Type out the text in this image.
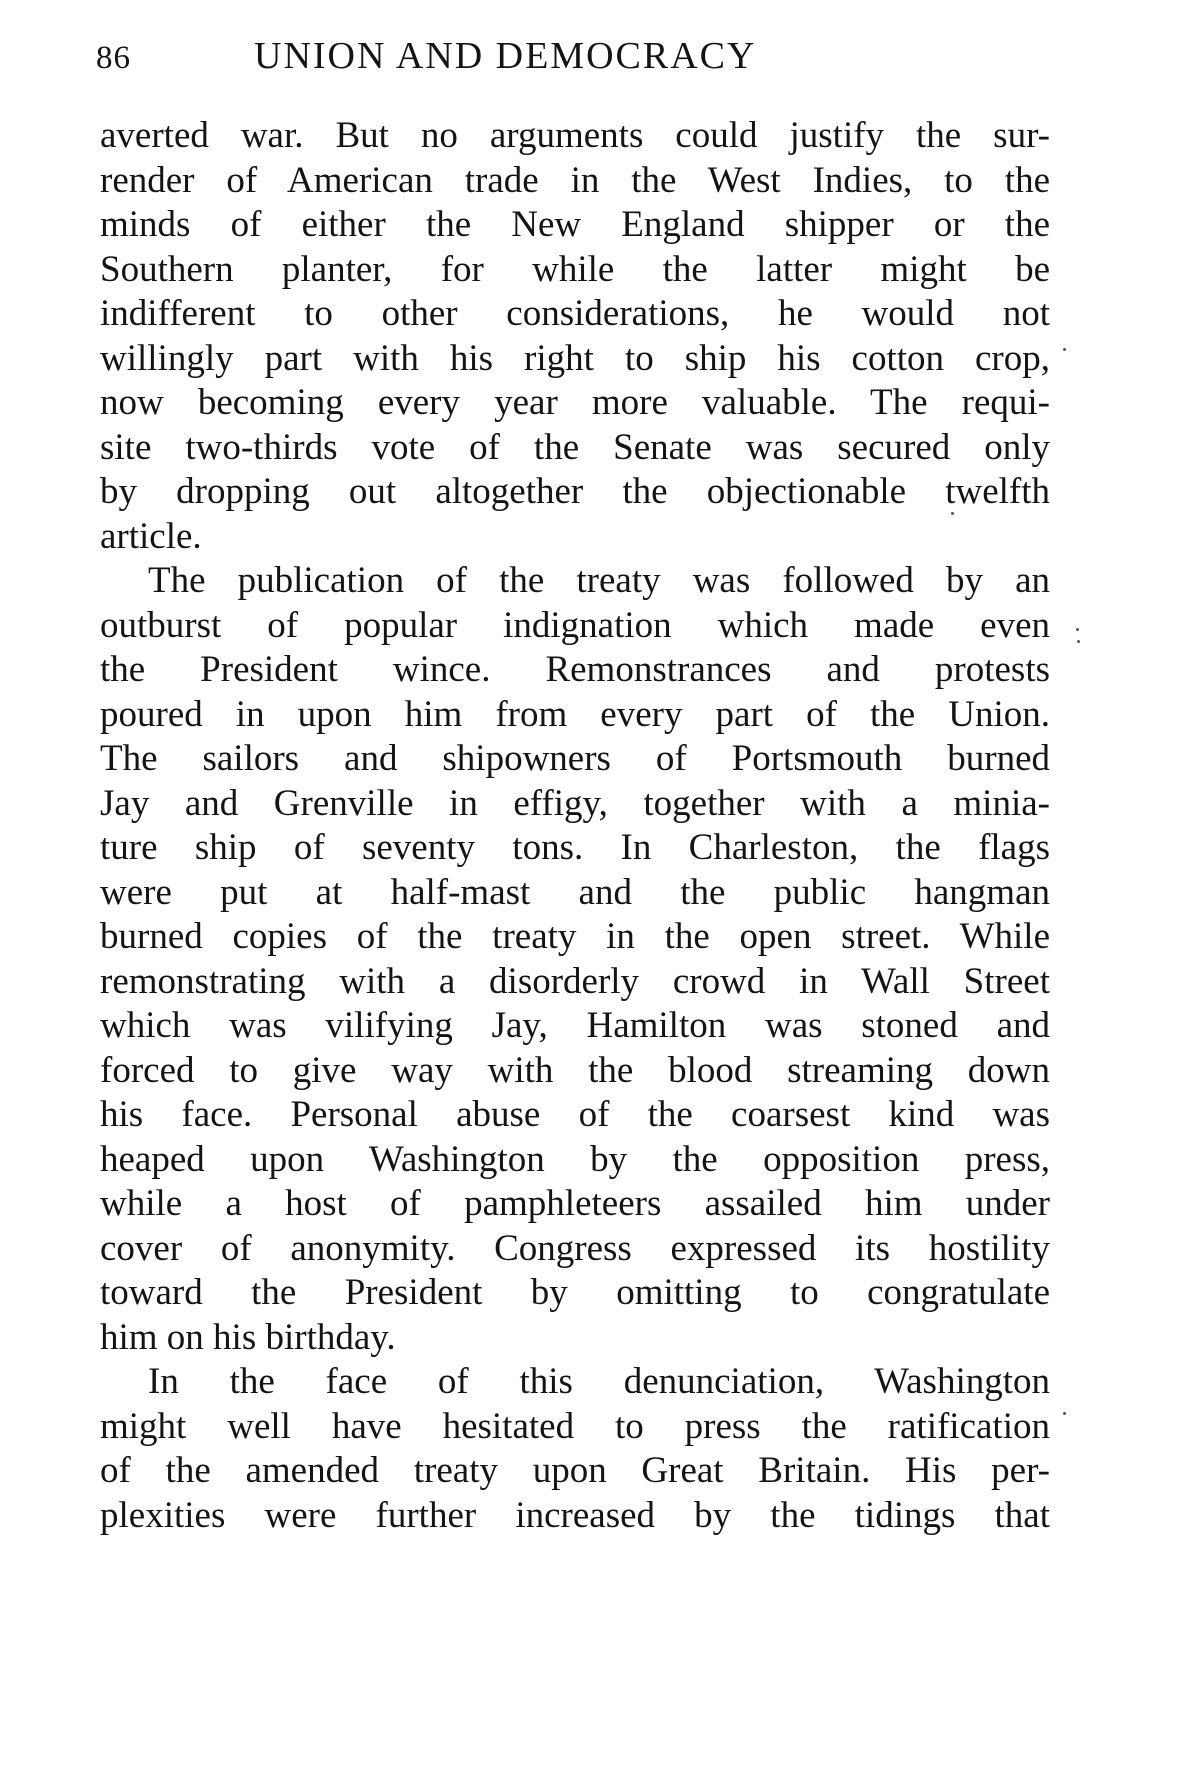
86	UNION AND DEMOCRACY
averted war. But no arguments could justify the sur-
render of American trade in the West Indies, to the
minds of either the New England shipper or the
Southern planter, for while the latter might be
indifferent to other considerations, he would not
willingly part with his right to ship his cotton crop,
now becoming every year more valuable. The requi-
site two-thirds vote of the Senate was secured only
by dropping out altogether the objectionable twelfth
article.
The publication of the treaty was followed by an
outburst of popular indignation which made even
the President wince. Remonstrances and protests
poured in upon him from every part of the Union.
The sailors and shipowners of Portsmouth burned
Jay and Grenville in effigy, together with a minia-
ture ship of seventy tons. In Charleston, the flags
were put at half-mast and the public hangman
burned copies of the treaty in the open street. While
remonstrating with a disorderly crowd in Wall Street
which was vilifying Jay, Hamilton was stoned and
forced to give way with the blood streaming down
his face. Personal abuse of the coarsest kind was
heaped upon Washington by the opposition press,
while a host of pamphleteers assailed him under
cover of anonymity. Congress expressed its hostility
toward the President by omitting to congratulate
him on his birthday.
In the face of this denunciation, Washington
might well have hesitated to press the ratification
of the amended treaty upon Great Britain. His per-
plexities were further increased by the tidings that
